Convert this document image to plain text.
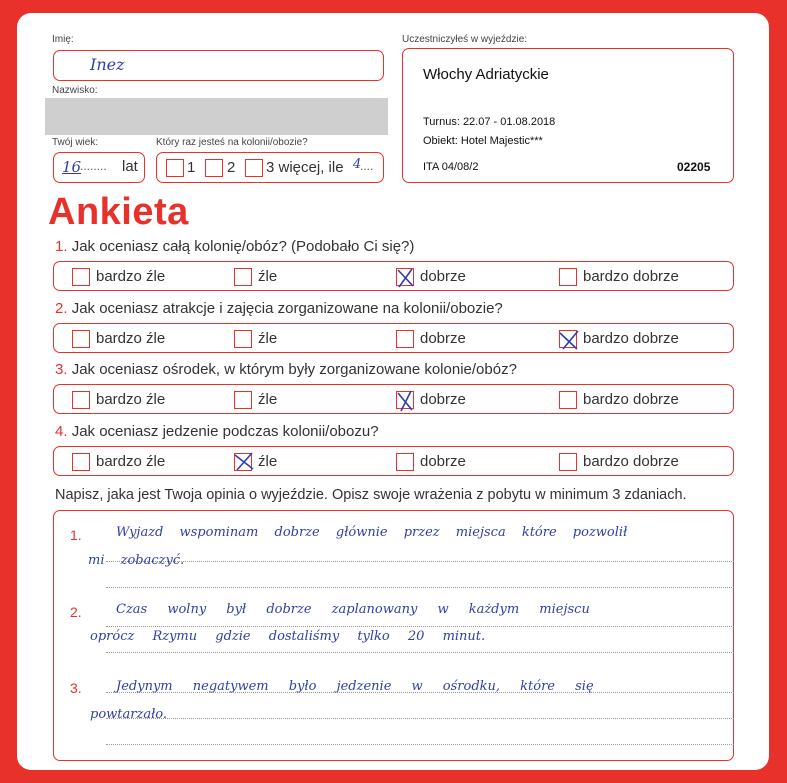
Imię:
Inez
Nazwisko:
Twój wiek:
16
........ lat
Który raz jesteś na kolonii/obozie?
1 2 3 więcej, ile 4
....
Uczestniczyłeś w wyjeździe:
Włochy Adriatyckie
Turnus: 22.07 - 01.08.2018
Obiekt: Hotel Majestic***
ITA 04/08/2	02205
Ankieta
1. Jak oceniasz całą kolonię/obóz? (Podobało Ci się?)
bardzo źle	źle	dobrze	bardzo dobrze
2. Jak oceniasz atrakcje i zajęcia zorganizowane na kolonii/obozie?
bardzo źle	źle	dobrze	bardzo dobrze
3. Jak oceniasz ośrodek, w którym były zorganizowane kolonie/obóz?
bardzo źle	źle	dobrze	bardzo dobrze
4. Jak oceniasz jedzenie podczas kolonii/obozu?
bardzo źle	źle	dobrze	bardzo dobrze
Napisz, jaka jest Twoja opinia o wyjeździe. Opisz swoje wrażenia z pobytu w minimum 3 zdaniach.
1.	Wyjazd wspominam dobrze głównie przez miejsca które pozwolił
mi zobaczyć.
2.	Czas wolny był dobrze zaplanowany w każdym miejscu
oprócz Rzymu gdzie dostaliśmy tylko 20 minut.
3.	Jedynym negatywem było jedzenie w ośrodku, które się
powtarzało.
